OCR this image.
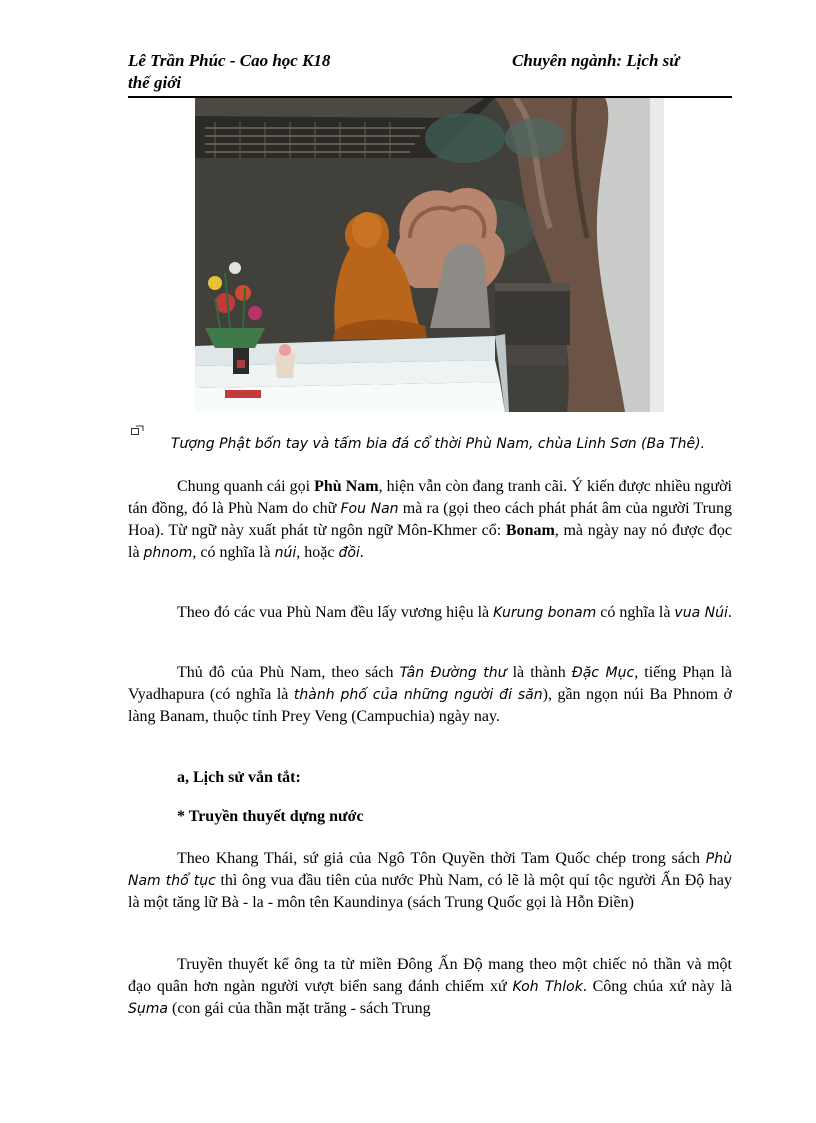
Lê Trần Phúc - Cao học K18	Chuyên ngành: Lịch sử
thế giới
Tượng Phật bốn tay và tấm bia đá cổ thời Phù Nam, chùa Linh Sơn (Ba Thê).

Chung quanh cái gọi Phù Nam, hiện vẫn còn đang tranh cãi. Ý kiến được nhiều người tán đồng, đó là Phù Nam do chữ Fou Nan mà ra (gọi theo cách phát phát âm của người Trung Hoa). Từ ngữ này xuất phát từ ngôn ngữ Môn-Khmer cổ: Bonam, mà ngày nay nó được đọc là phnom, có nghĩa là núi, hoặc đồi.

Theo đó các vua Phù Nam đều lấy vương hiệu là Kurung bonam có nghĩa là vua Núi.

Thủ đô của Phù Nam, theo sách Tân Đường thư là thành Đặc Mục, tiếng Phạn là Vyadhapura (có nghĩa là thành phố của những người đi săn), gần ngọn núi Ba Phnom ở làng Banam, thuộc tỉnh Prey Veng (Campuchia) ngày nay.

a, Lịch sử vắn tắt:
* Truyền thuyết dựng nước

Theo Khang Thái, sứ giả của Ngô Tôn Quyền thời Tam Quốc chép trong sách Phù Nam thổ tục thì ông vua đầu tiên của nước Phù Nam, có lẽ là một quí tộc người Ấn Độ hay là một tăng lữ Bà - la - môn tên Kaundinya (sách Trung Quốc gọi là Hỗn Điền)

Truyền thuyết kể ông ta từ miền Đông Ấn Độ mang theo một chiếc nỏ thần và một đạo quân hơn ngàn người vượt biển sang đánh chiếm xứ Koh Thlok. Công chúa xứ này là Sụma (con gái của thần mặt trăng - sách Trung
